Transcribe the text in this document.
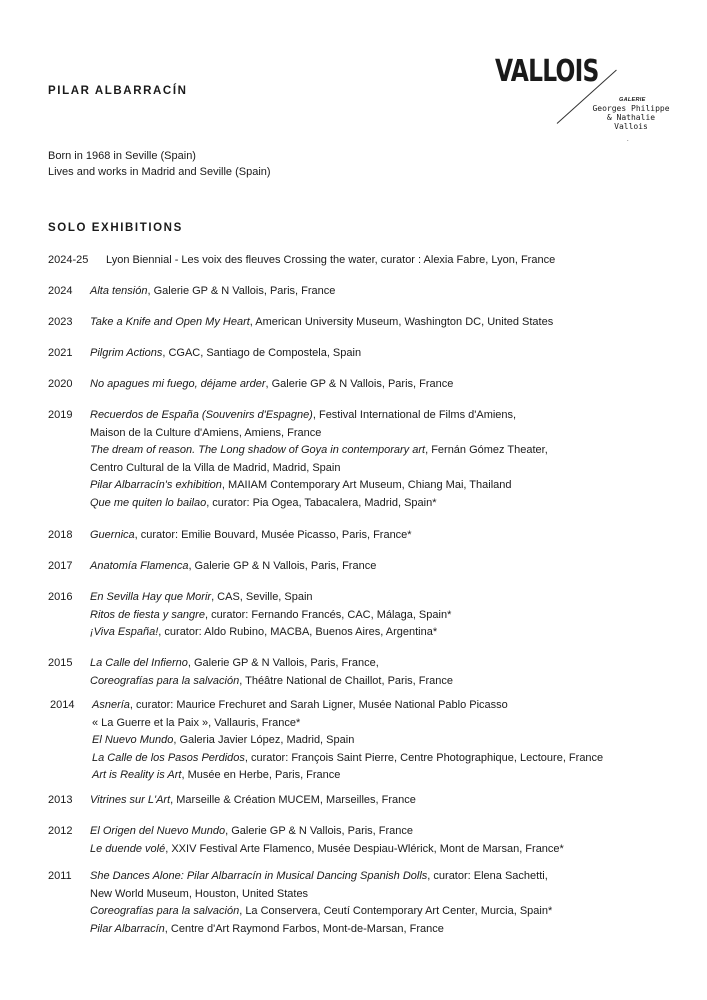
PILAR ALBARRACÍN
VALLOIS
GALERIE
Georges Philippe
& Nathalie
Vallois
.
Born in 1968 in Seville (Spain)
Lives and works in Madrid and Seville (Spain)
SOLO EXHIBITIONS
2024-25 Lyon Biennial - Les voix des fleuves Crossing the water, curator : Alexia Fabre, Lyon, France
2024 Alta tensión, Galerie GP & N Vallois, Paris, France
2023 Take a Knife and Open My Heart, American University Museum, Washington DC, United States
2021 Pilgrim Actions, CGAC, Santiago de Compostela, Spain
2020 No apagues mi fuego, déjame arder, Galerie GP & N Vallois, Paris, France
2019 Recuerdos de España (Souvenirs d'Espagne), Festival International de Films d'Amiens,
Maison de la Culture d'Amiens, Amiens, France
The dream of reason. The Long shadow of Goya in contemporary art, Fernán Gómez Theater,
Centro Cultural de la Villa de Madrid, Madrid, Spain
Pilar Albarracín's exhibition, MAIIAM Contemporary Art Museum, Chiang Mai, Thailand
Que me quiten lo bailao, curator: Pia Ogea, Tabacalera, Madrid, Spain*
2018 Guernica, curator: Emilie Bouvard, Musée Picasso, Paris, France*
2017 Anatomía Flamenca, Galerie GP & N Vallois, Paris, France
2016 En Sevilla Hay que Morir, CAS, Seville, Spain
Ritos de fiesta y sangre, curator: Fernando Francés, CAC, Málaga, Spain*
¡Viva España!, curator: Aldo Rubino, MACBA, Buenos Aires, Argentina*
2015 La Calle del Infierno, Galerie GP & N Vallois, Paris, France,
Coreografías para la salvación, Théâtre National de Chaillot, Paris, France
2014 Asnería, curator: Maurice Frechuret and Sarah Ligner, Musée National Pablo Picasso
« La Guerre et la Paix », Vallauris, France*
El Nuevo Mundo, Galeria Javier López, Madrid, Spain
La Calle de los Pasos Perdidos, curator: François Saint Pierre, Centre Photographique, Lectoure, France
Art is Reality is Art, Musée en Herbe, Paris, France
2013 Vitrines sur L'Art, Marseille & Création MUCEM, Marseilles, France
2012 El Origen del Nuevo Mundo, Galerie GP & N Vallois, Paris, France
Le duende volé, XXIV Festival Arte Flamenco, Musée Despiau-Wlérick, Mont de Marsan, France*
2011 She Dances Alone: Pilar Albarracín in Musical Dancing Spanish Dolls, curator: Elena Sachetti,
New World Museum, Houston, United States
Coreografías para la salvación, La Conservera, Ceutí Contemporary Art Center, Murcia, Spain*
Pilar Albarracín, Centre d'Art Raymond Farbos, Mont-de-Marsan, France
